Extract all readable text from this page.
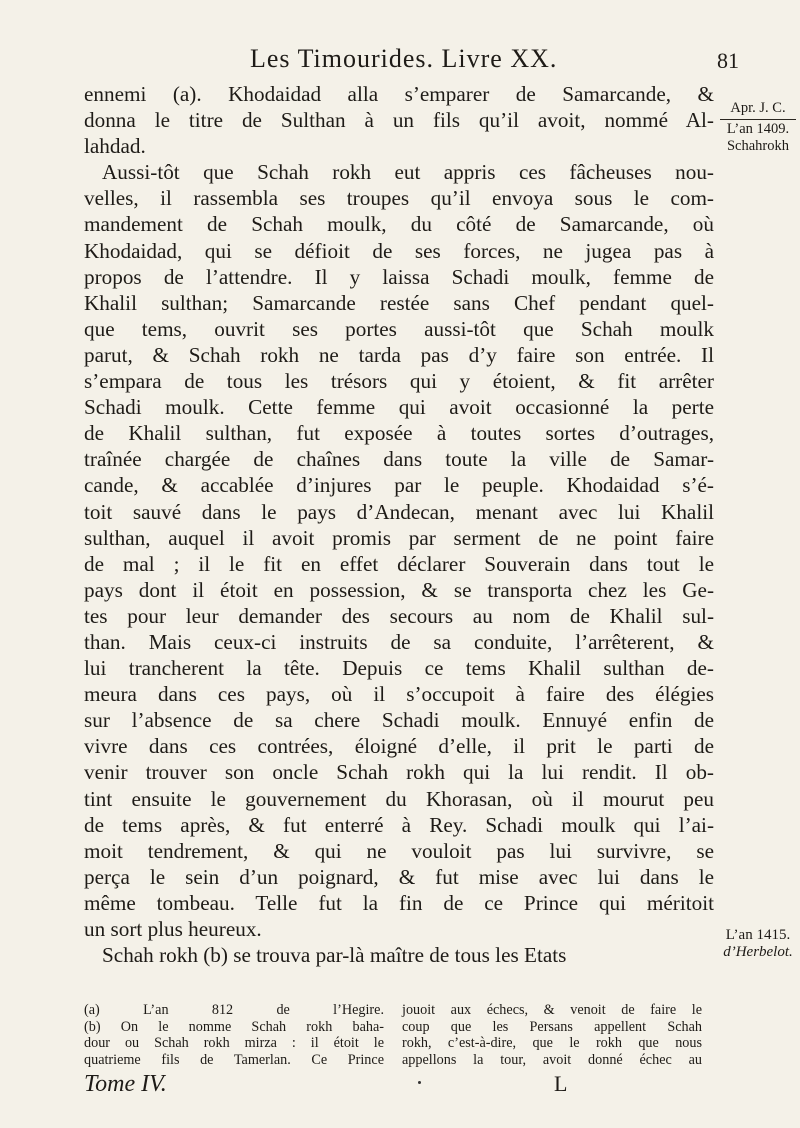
Les Timourides. Livre XX.	81
ennemi (a). Khodaidad alla s’emparer de Samarcande, &
donna le titre de Sulthan à un fils qu’il avoit, nommé Al-
lahdad.
Aussi-tôt que Schah rokh eut appris ces fâcheuses nou-
velles, il rassembla ses troupes qu’il envoya sous le com-
mandement de Schah moulk, du côté de Samarcande, où
Khodaidad, qui se défioit de ses forces, ne jugea pas à
propos de l’attendre. Il y laissa Schadi moulk, femme de
Khalil sulthan; Samarcande restée sans Chef pendant quel-
que tems, ouvrit ses portes aussi-tôt que Schah moulk
parut, & Schah rokh ne tarda pas d’y faire son entrée. Il
s’empara de tous les trésors qui y étoient, & fit arrêter
Schadi moulk. Cette femme qui avoit occasionné la perte
de Khalil sulthan, fut exposée à toutes sortes d’outrages,
traînée chargée de chaînes dans toute la ville de Samar-
cande, & accablée d’injures par le peuple. Khodaidad s’é-
toit sauvé dans le pays d’Andecan, menant avec lui Khalil
sulthan, auquel il avoit promis par serment de ne point faire
de mal ; il le fit en effet déclarer Souverain dans tout le
pays dont il étoit en possession, & se transporta chez les Ge-
tes pour leur demander des secours au nom de Khalil sul-
than. Mais ceux-ci instruits de sa conduite, l’arrêterent, &
lui trancherent la tête. Depuis ce tems Khalil sulthan de-
meura dans ces pays, où il s’occupoit à faire des élégies
sur l’absence de sa chere Schadi moulk. Ennuyé enfin de
vivre dans ces contrées, éloigné d’elle, il prit le parti de
venir trouver son oncle Schah rokh qui la lui rendit. Il ob-
tint ensuite le gouvernement du Khorasan, où il mourut peu
de tems après, & fut enterré à Rey. Schadi moulk qui l’ai-
moit tendrement, & qui ne vouloit pas lui survivre, se
perça le sein d’un poignard, & fut mise avec lui dans le
même tombeau. Telle fut la fin de ce Prince qui méritoit
un sort plus heureux.
Schah rokh (b) se trouva par-là maître de tous les Etats
Apr. J. C.
L’an 1409.
Schahrokh
L’an 1415.
d’Herbelot.
(a) L’an 812 de l’Hegire.
(b) On le nomme Schah rokh baha-
dour ou Schah rokh mirza : il étoit le
quatrieme fils de Tamerlan. Ce Prince
jouoit aux échecs, & venoit de faire le
coup que les Persans appellent Schah
rokh, c’est-à-dire, que le rokh que nous
appellons la tour, avoit donné échec au
Tome IV.	L
